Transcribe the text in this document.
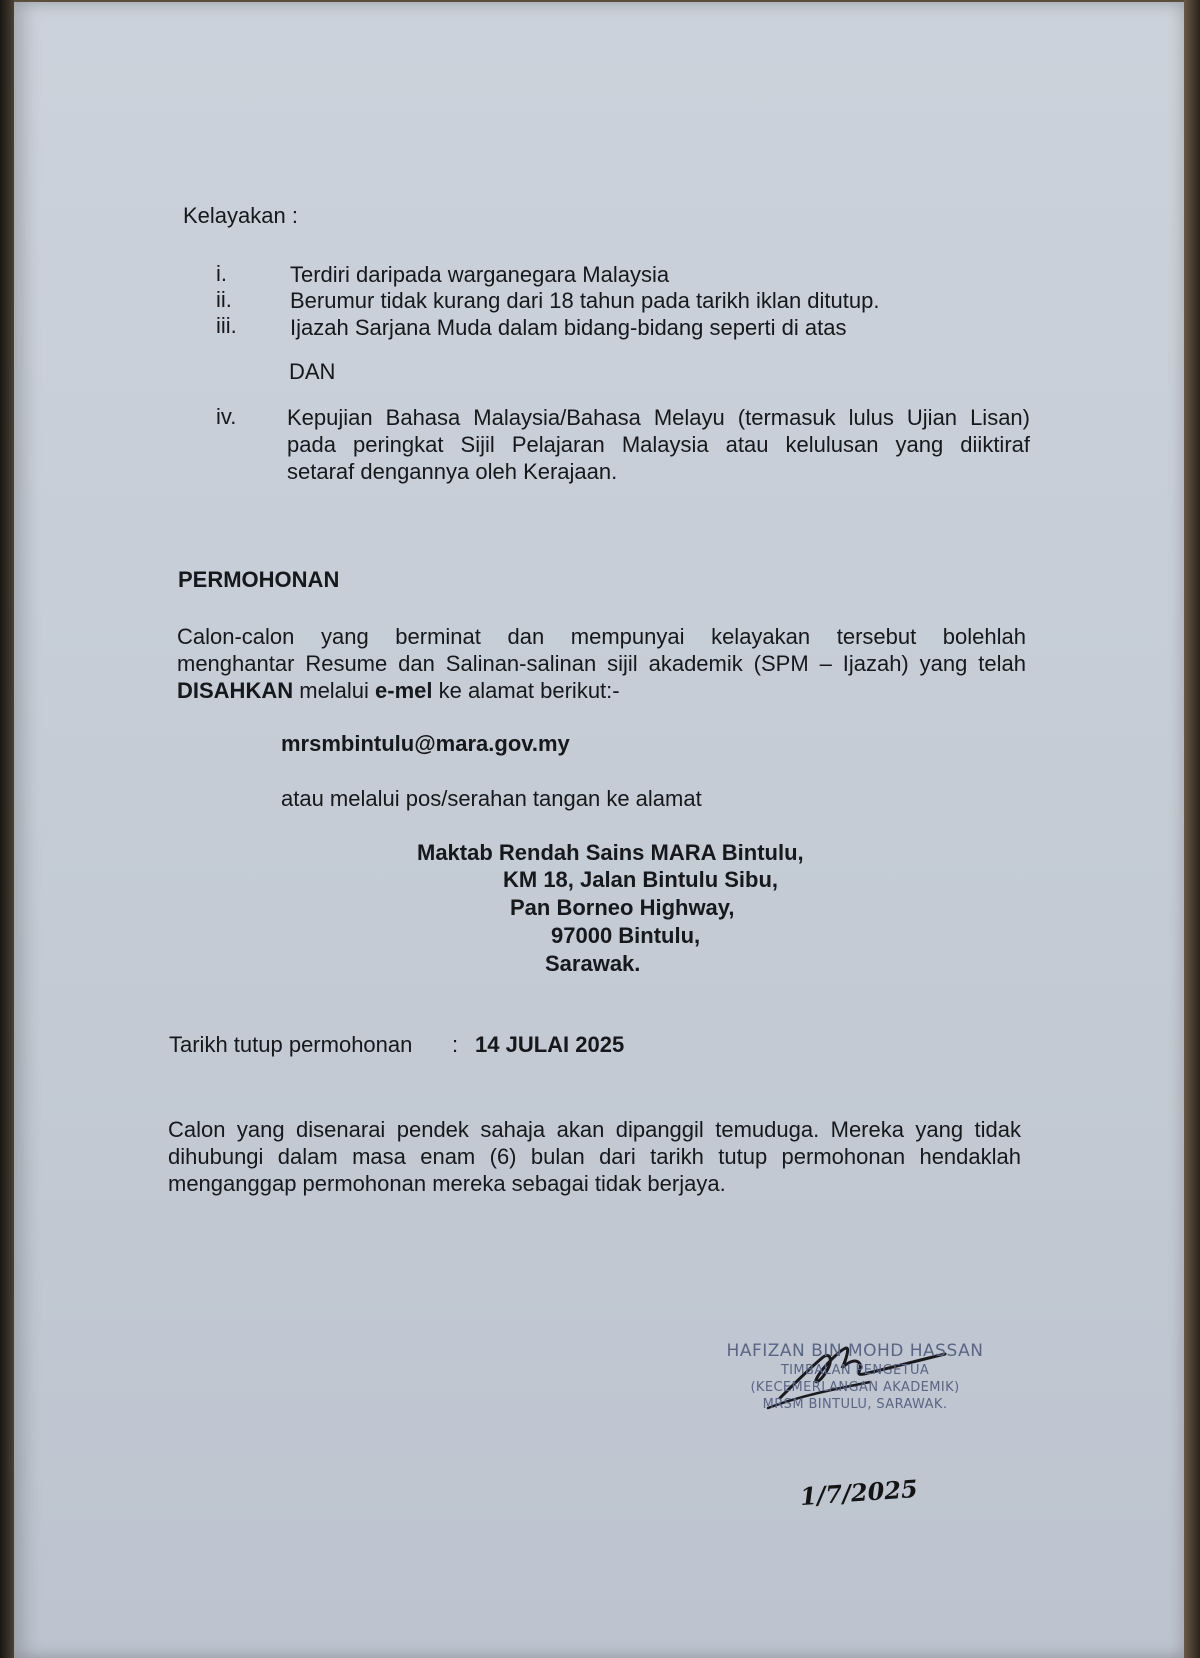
Kelayakan :
i.	Terdiri daripada warganegara Malaysia
ii.	Berumur tidak kurang dari 18 tahun pada tarikh iklan ditutup.
iii. Ijazah Sarjana Muda dalam bidang-bidang seperti di atas
DAN
iv. Kepujian Bahasa Malaysia/Bahasa Melayu (termasuk lulus Ujian Lisan)
pada peringkat Sijil Pelajaran Malaysia atau kelulusan yang diiktiraf
setaraf dengannya oleh Kerajaan.
PERMOHONAN
Calon-calon yang berminat dan mempunyai kelayakan tersebut bolehlah
menghantar Resume dan Salinan-salinan sijil akademik (SPM – Ijazah) yang telah
DISAHKAN melalui e-mel ke alamat berikut:-
mrsmbintulu@mara.gov.my
atau melalui pos/serahan tangan ke alamat
Maktab Rendah Sains MARA Bintulu,
KM 18, Jalan Bintulu Sibu,
Pan Borneo Highway,
97000 Bintulu,
Sarawak.
Tarikh tutup permohonan : 14 JULAI 2025
Calon yang disenarai pendek sahaja akan dipanggil temuduga. Mereka yang tidak
dihubungi dalam masa enam (6) bulan dari tarikh tutup permohonan hendaklah
menganggap permohonan mereka sebagai tidak berjaya.
HAFIZAN BIN MOHD HASSAN
TIMBALAN PENGETUA
(KECEMERLANGAN AKADEMIK)
MRSM BINTULU, SARAWAK.
1/7/2025
